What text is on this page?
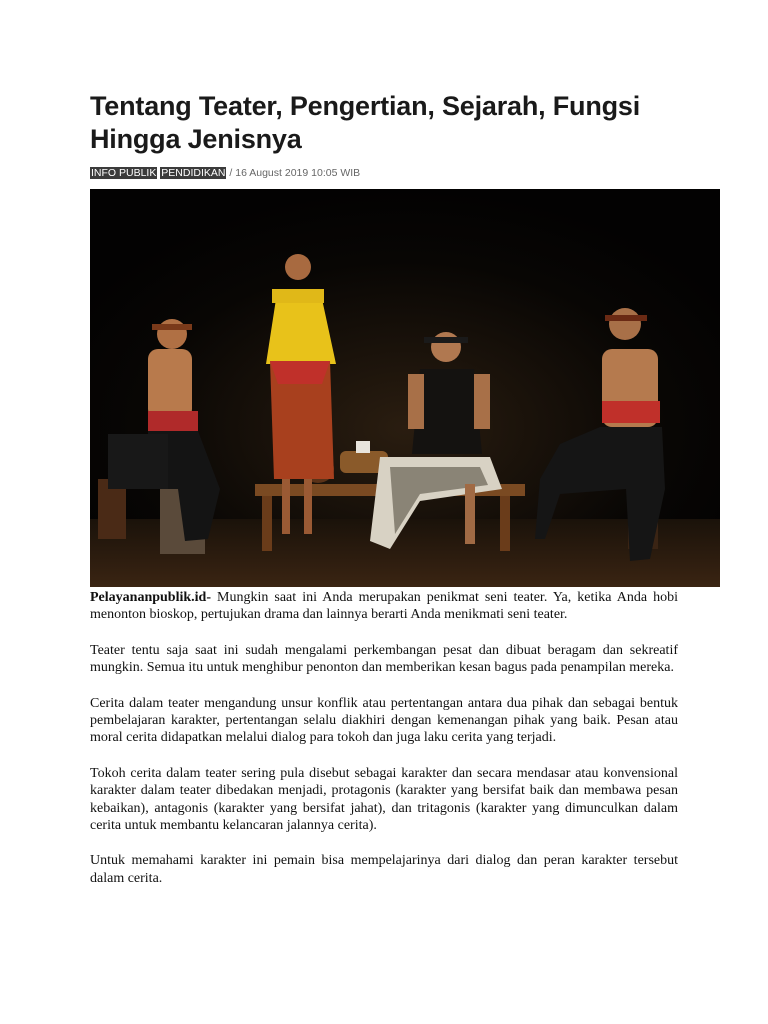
Tentang Teater, Pengertian, Sejarah, Fungsi Hingga Jenisnya
INFO PUBLIK PENDIDIKAN / 16 August 2019 10:05 WIB

Pelayananpublik.id- Mungkin saat ini Anda merupakan penikmat seni teater. Ya, ketika Anda hobi menonton bioskop, pertujukan drama dan lainnya berarti Anda menikmati seni teater.

Teater tentu saja saat ini sudah mengalami perkembangan pesat dan dibuat beragam dan sekreatif mungkin. Semua itu untuk menghibur penonton dan memberikan kesan bagus pada penampilan mereka.

Cerita dalam teater mengandung unsur konflik atau pertentangan antara dua pihak dan sebagai bentuk pembelajaran karakter, pertentangan selalu diakhiri dengan kemenangan pihak yang baik. Pesan atau moral cerita didapatkan melalui dialog para tokoh dan juga laku cerita yang terjadi.

Tokoh cerita dalam teater sering pula disebut sebagai karakter dan secara mendasar atau konvensional karakter dalam teater dibedakan menjadi, protagonis (karakter yang bersifat baik dan membawa pesan kebaikan), antagonis (karakter yang bersifat jahat), dan tritagonis (karakter yang dimunculkan dalam cerita untuk membantu kelancaran jalannya cerita).

Untuk memahami karakter ini pemain bisa mempelajarinya dari dialog dan peran karakter tersebut dalam cerita.
